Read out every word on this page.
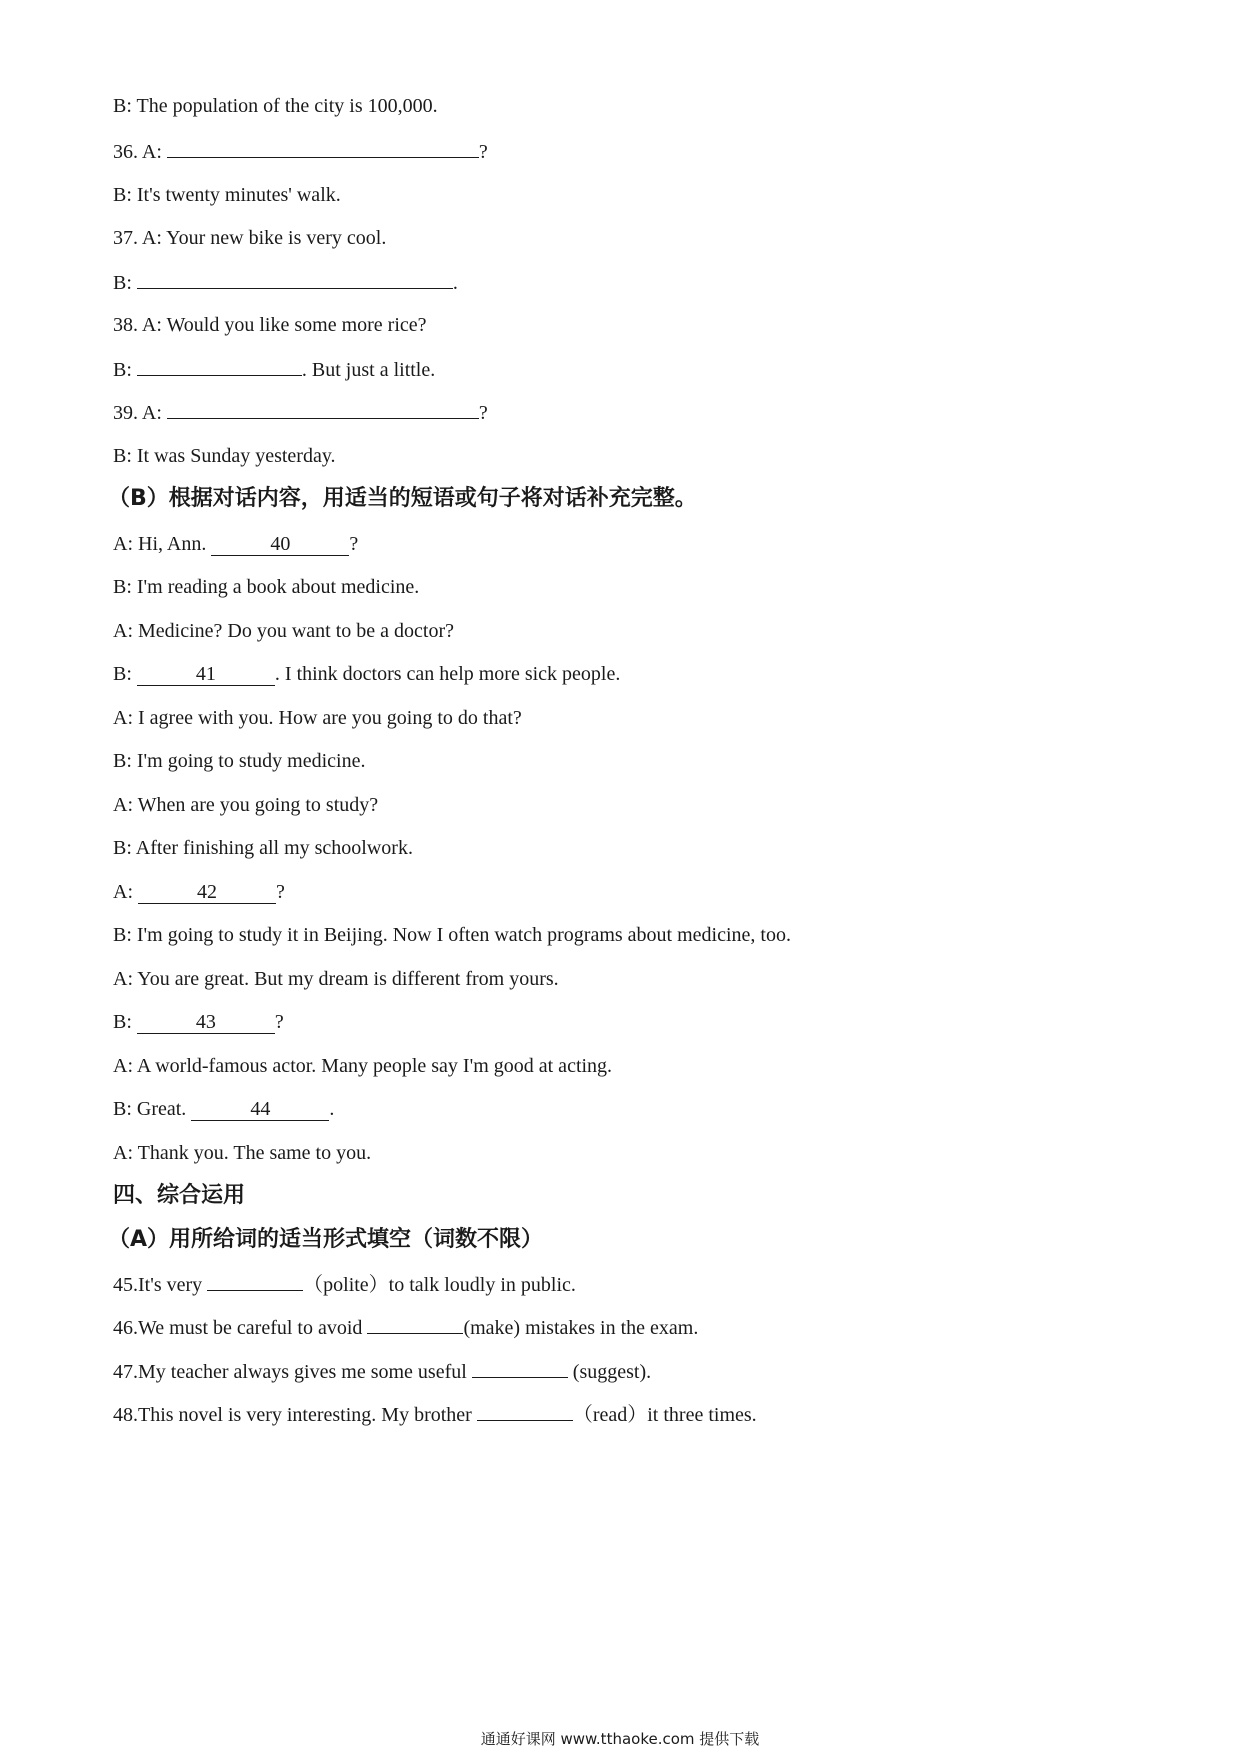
B: The population of the city is 100,000.
36. A:	?
B: It's twenty minutes' walk.
37. A: Your new bike is very cool.
B:	.
38. A: Would you like some more rice?
B:	. But just a little.
39. A:	?
B: It was Sunday yesterday.
（B）根据对话内容，用适当的短语或句子将对话补充完整。
A: Hi, Ann.	40	?
B: I'm reading a book about medicine.
A: Medicine? Do you want to be a doctor?
B:	41	. I think doctors can help more sick people.
A: I agree with you. How are you going to do that?
B: I'm going to study medicine.
A: When are you going to study?
B: After finishing all my schoolwork.
A:	42	?
B: I'm going to study it in Beijing. Now I often watch programs about medicine, too.
A: You are great. But my dream is different from yours.
B:	43	?
A: A world-famous actor. Many people say I'm good at acting.
B: Great.	44	.
A: Thank you. The same to you.
四、综合运用
（A）用所给词的适当形式填空（词数不限）
45.It's very	（polite）to talk loudly in public.
46.We must be careful to avoid	(make) mistakes in the exam.
47.My teacher always gives me some useful	(suggest).
48.This novel is very interesting. My brother	（read）it three times.
通通好课网 www.tthaoke.com 提供下载
